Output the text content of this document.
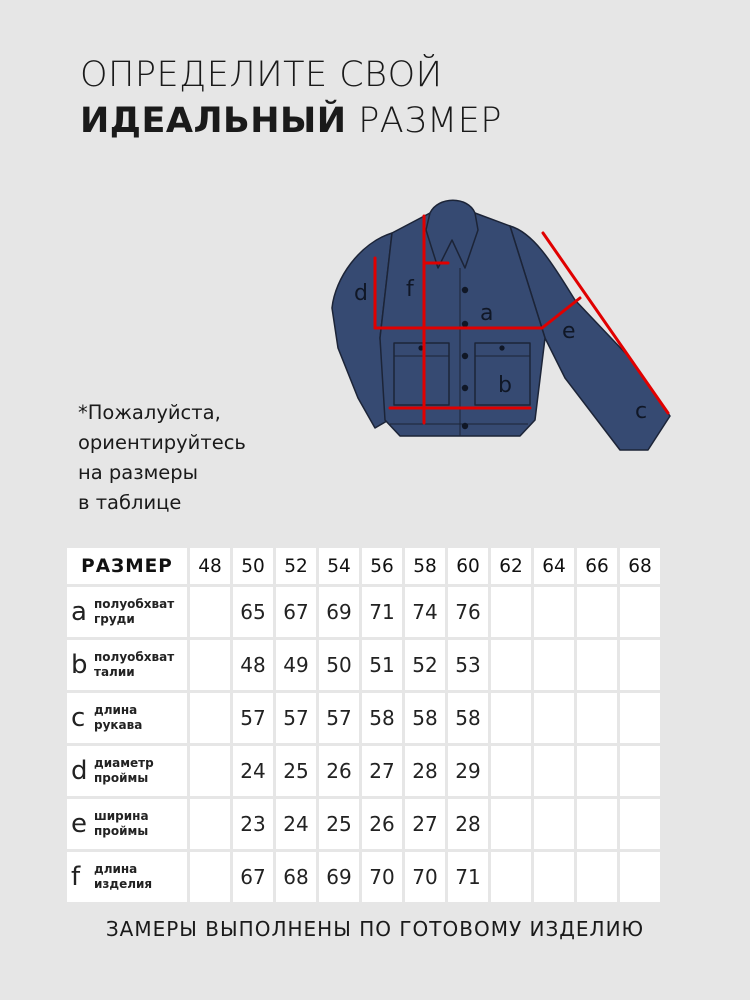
ОПРЕДЕЛИТЕ СВОЙ
ИДЕАЛЬНЫЙ РАЗМЕР
a
b
c
d
e
f
*Пожалуйста,
ориентируйтесь
на размеры
в таблице
РАЗМЕР	48	50	52	54	56	58	60	62	64	66	68

a полуобхват
груди		65	67	69	71	74	76				

b полуобхват
талии		48	49	50	51	52	53				

c длина
рукава		57	57	57	58	58	58				

d диаметр
проймы		24	25	26	27	28	29				

e ширина
проймы		23	24	25	26	27	28				

f длина
изделия		67	68	69	70	70	71				
ЗАМЕРЫ ВЫПОЛНЕНЫ ПО ГОТОВОМУ ИЗДЕЛИЮ
